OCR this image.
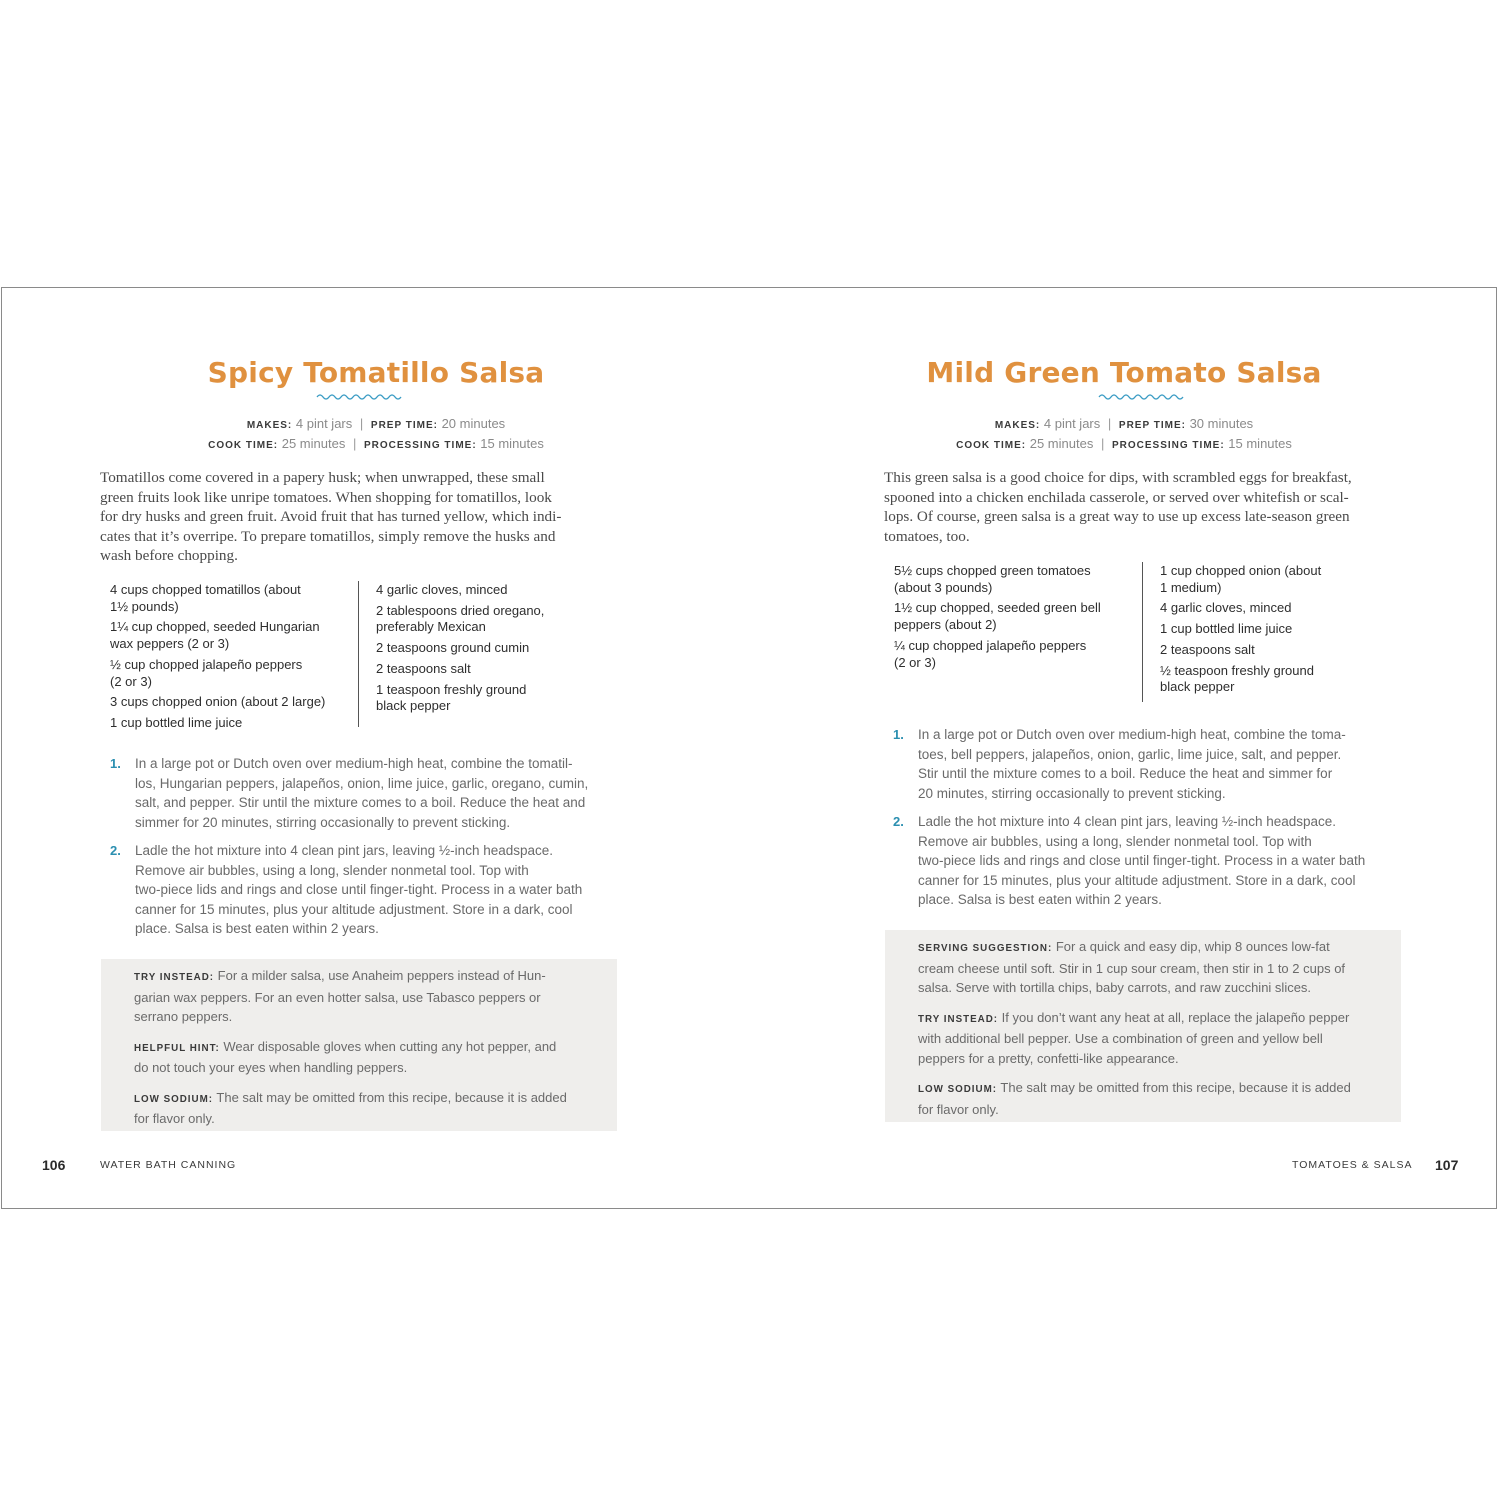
Spicy Tomatillo Salsa
MAKES: 4 pint jars | PREP TIME: 20 minutes
COOK TIME: 25 minutes | PROCESSING TIME: 15 minutes
Tomatillos come covered in a papery husk; when unwrapped, these small
green fruits look like unripe tomatoes. When shopping for tomatillos, look
for dry husks and green fruit. Avoid fruit that has turned yellow, which indi-
cates that it’s overripe. To prepare tomatillos, simply remove the husks and
wash before chopping.
4 cups chopped tomatillos (about
1½ pounds)
1¼ cup chopped, seeded Hungarian
wax peppers (2 or 3)
½ cup chopped jalapeño peppers
(2 or 3)
3 cups chopped onion (about 2 large)
1 cup bottled lime juice
4 garlic cloves, minced
2 tablespoons dried oregano,
preferably Mexican
2 teaspoons ground cumin
2 teaspoons salt
1 teaspoon freshly ground
black pepper
1. In a large pot or Dutch oven over medium-high heat, combine the tomatil-
los, Hungarian peppers, jalapeños, onion, lime juice, garlic, oregano, cumin,
salt, and pepper. Stir until the mixture comes to a boil. Reduce the heat and
simmer for 20 minutes, stirring occasionally to prevent sticking.
2. Ladle the hot mixture into 4 clean pint jars, leaving ½-inch headspace.
Remove air bubbles, using a long, slender nonmetal tool. Top with
two-piece lids and rings and close until finger-tight. Process in a water bath
canner for 15 minutes, plus your altitude adjustment. Store in a dark, cool
place. Salsa is best eaten within 2 years.
TRY INSTEAD: For a milder salsa, use Anaheim peppers instead of Hun-
garian wax peppers. For an even hotter salsa, use Tabasco peppers or
serrano peppers.
HELPFUL HINT: Wear disposable gloves when cutting any hot pepper, and
do not touch your eyes when handling peppers.
LOW SODIUM: The salt may be omitted from this recipe, because it is added
for flavor only.
106	WATER BATH CANNING
Mild Green Tomato Salsa
MAKES: 4 pint jars | PREP TIME: 30 minutes
COOK TIME: 25 minutes | PROCESSING TIME: 15 minutes
This green salsa is a good choice for dips, with scrambled eggs for breakfast,
spooned into a chicken enchilada casserole, or served over whitefish or scal-
lops. Of course, green salsa is a great way to use up excess late-season green
tomatoes, too.
5½ cups chopped green tomatoes
(about 3 pounds)
1½ cup chopped, seeded green bell
peppers (about 2)
¼ cup chopped jalapeño peppers
(2 or 3)
1 cup chopped onion (about
1 medium)
4 garlic cloves, minced
1 cup bottled lime juice
2 teaspoons salt
½ teaspoon freshly ground
black pepper
1. In a large pot or Dutch oven over medium-high heat, combine the toma-
toes, bell peppers, jalapeños, onion, garlic, lime juice, salt, and pepper.
Stir until the mixture comes to a boil. Reduce the heat and simmer for
20 minutes, stirring occasionally to prevent sticking.
2. Ladle the hot mixture into 4 clean pint jars, leaving ½-inch headspace.
Remove air bubbles, using a long, slender nonmetal tool. Top with
two-piece lids and rings and close until finger-tight. Process in a water bath
canner for 15 minutes, plus your altitude adjustment. Store in a dark, cool
place. Salsa is best eaten within 2 years.
SERVING SUGGESTION: For a quick and easy dip, whip 8 ounces low-fat
cream cheese until soft. Stir in 1 cup sour cream, then stir in 1 to 2 cups of
salsa. Serve with tortilla chips, baby carrots, and raw zucchini slices.
TRY INSTEAD: If you don’t want any heat at all, replace the jalapeño pepper
with additional bell pepper. Use a combination of green and yellow bell
peppers for a pretty, confetti-like appearance.
LOW SODIUM: The salt may be omitted from this recipe, because it is added
for flavor only.
TOMATOES & SALSA 107
